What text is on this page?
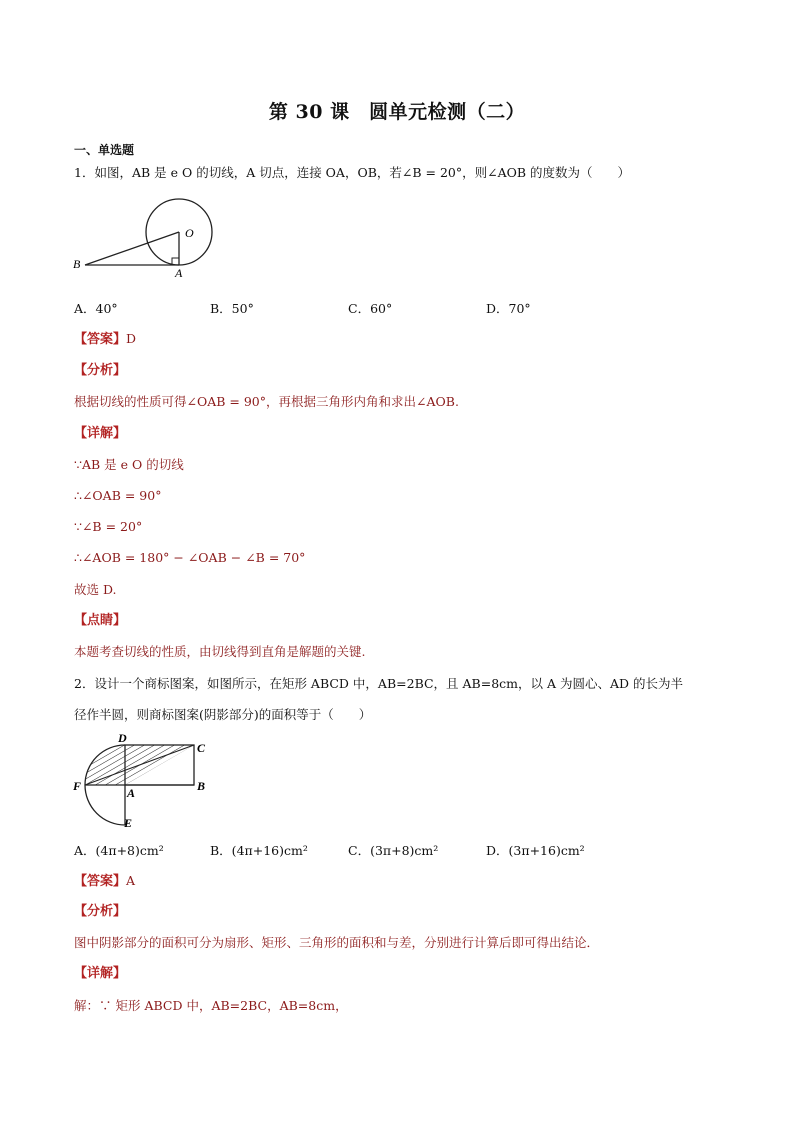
第 30 课　圆单元检测（二）
一、单选题
1．如图，AB 是 e O 的切线，A 切点，连接 OA，OB，若∠B = 20°，则∠AOB 的度数为（　　）
O
A
B
A．40°	B．50°	C．60°	D．70°
【答案】D
【分析】
根据切线的性质可得∠OAB = 90°，再根据三角形内角和求出∠AOB.
【详解】
∵AB 是 e O 的切线
∴∠OAB = 90°
∵∠B = 20°
∴∠AOB = 180° − ∠OAB − ∠B = 70°
故选 D.
【点睛】
本题考查切线的性质，由切线得到直角是解题的关键.
2．设计一个商标图案，如图所示，在矩形 ABCD 中，AB=2BC，且 AB=8cm，以 A 为圆心、AD 的长为半
径作半圆，则商标图案(阴影部分)的面积等于（　　）
D
C
F	A	B
E
A．(4π+8)cm²	B．(4π+16)cm²	C．(3π+8)cm²	D．(3π+16)cm²
【答案】A
【分析】
图中阴影部分的面积可分为扇形、矩形、三角形的面积和与差，分别进行计算后即可得出结论．
【详解】
解：∵ 矩形 ABCD 中，AB=2BC，AB=8cm，
